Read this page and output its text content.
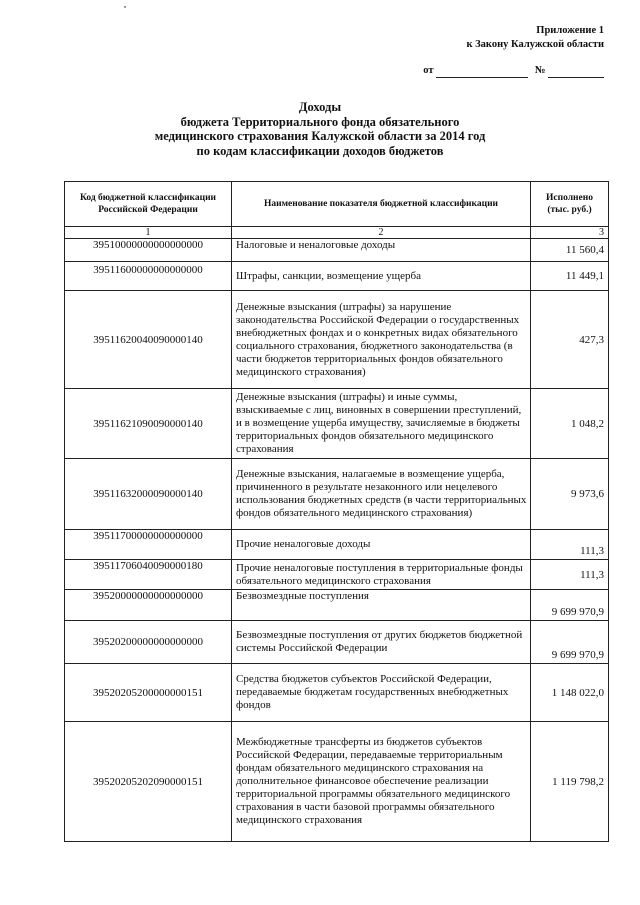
Приложение 1
к Закону Калужской области
от	№
Доходы
бюджета Территориального фонда обязательного
медицинского страхования Калужской области за 2014 год
по кодам классификации доходов бюджетов
Код бюджетной классификации Российской Федерации	Наименование показателя бюджетной классификации	Исполнено (тыс. руб.)
1	2	3
39510000000000000000	Налоговые и неналоговые доходы	11 560,4
39511600000000000000	Штрафы, санкции, возмещение ущерба	11 449,1
39511620040090000140	Денежные взыскания (штрафы) за нарушение законодательства Российской Федерации о государственных внебюджетных фондах и о конкретных видах обязательного социального страхования, бюджетного законодательства (в части бюджетов территориальных фондов обязательного медицинского страхования)	427,3
39511621090090000140	Денежные взыскания (штрафы) и иные суммы, взыскиваемые с лиц, виновных в совершении преступлений, и в возмещение ущерба имуществу, зачисляемые в бюджеты территориальных фондов обязательного медицинского страхования	1 048,2
39511632000090000140	Денежные взыскания, налагаемые в возмещение ущерба, причиненного в результате незаконного или нецелевого использования бюджетных средств (в части территориальных фондов обязательного медицинского страхования)	9 973,6
39511700000000000000	Прочие неналоговые доходы	111,3
39511706040090000180	Прочие неналоговые поступления в территориальные фонды обязательного медицинского страхования	111,3
39520000000000000000	Безвозмездные поступления	9 699 970,9
39520200000000000000	Безвозмездные поступления от других бюджетов бюджетной системы Российской Федерации	9 699 970,9
39520205200000000151	Средства бюджетов субъектов Российской Федерации, передаваемые бюджетам государственных внебюджетных фондов	1 148 022,0
39520205202090000151	Межбюджетные трансферты из бюджетов субъектов Российской Федерации, передаваемые территориальным фондам обязательного медицинского страхования на дополнительное финансовое обеспечение реализации территориальной программы обязательного медицинского страхования в части базовой программы обязательного медицинского страхования	1 119 798,2
